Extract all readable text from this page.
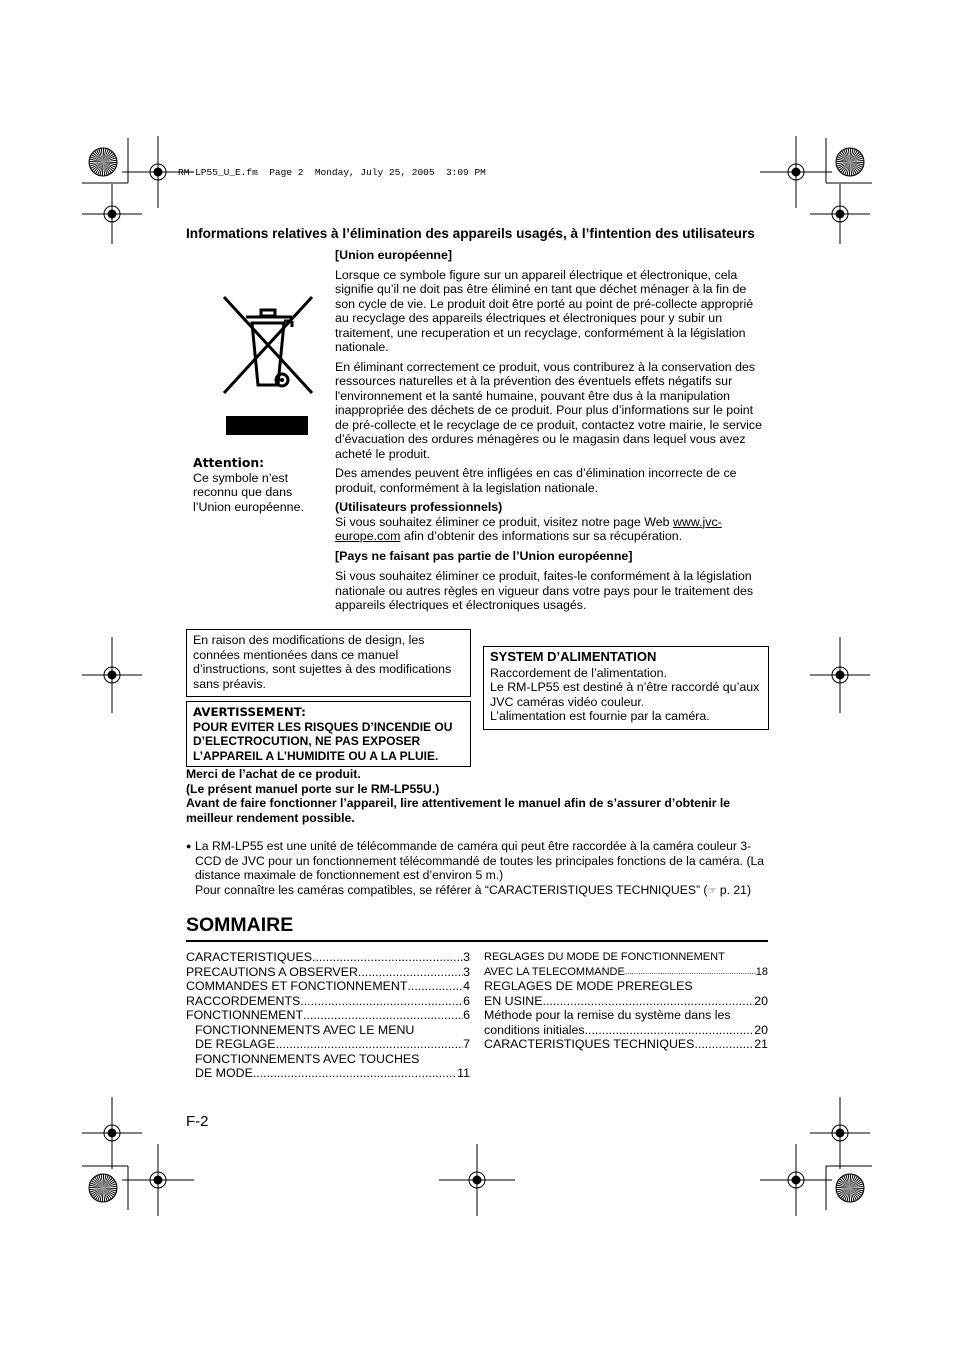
RM-LP55_U_E.fm  Page 2  Monday, July 25, 2005  3:09 PM
Informations relatives à l’élimination des appareils usagés, à l’fintention des utilisateurs
Attention:
Ce symbole n’est reconnu que dans l’Union européenne.

[Union européenne]

Lorsque ce symbole figure sur un appareil électrique et électronique, cela signifie qu’il ne doit pas être éliminé en tant que déchet ménager à la fin de son cycle de vie. Le produit doit être porté au point de pré-collecte approprié au recyclage des appareils électriques et électroniques pour y subir un traitement, une recuperation et un recyclage, conformément à la législation nationale.

En éliminant correctement ce produit, vous contriburez à la conservation des ressources naturelles et à la prévention des éventuels effets négatifs sur l'environnement et la santé humaine, pouvant être dus à la manipulation inappropriée des déchets de ce produit. Pour plus d’informations sur le point de pré-collecte et le recyclage de ce produit, contactez votre mairie, le service d’évacuation des ordures ménagères ou le magasin dans lequel vous avez acheté le produit.

Des amendes peuvent être infligées en cas d’élimination incorrecte de ce produit, conformément à la legislation nationale.

(Utilisateurs professionnels)

Si vous souhaitez éliminer ce produit, visitez notre page Web www.jvc-europe.com afin d’obtenir des informations sur sa récupération.

[Pays ne faisant pas partie de l’Union européenne]

Si vous souhaitez éliminer ce produit, faites-le conformément à la législation nationale ou autres règles en vigueur dans votre pays pour le traitement des appareils électriques et électroniques usagés.

En raison des modifications de design, les connées mentionées dans ce manuel d’instructions, sont sujettes à des modifications sans préavis.
AVERTISSEMENT:
POUR EVITER LES RISQUES D’INCENDIE OU D’ELECTROCUTION, NE PAS EXPOSER L’APPAREIL A L’HUMIDITE OU A LA PLUIE.

SYSTEM D’ALIMENTATION

Raccordement de l’alimentation.

Le RM-LP55 est destiné à n’être raccordé qu’aux JVC caméras vidéo couleur.

L’alimentation est fournie par la caméra.

Merci de l’achat de ce produit.

(Le présent manuel porte sur le RM-LP55U.)

Avant de faire fonctionner l’appareil, lire attentivement le manuel afin de s’assurer d’obtenir le meilleur rendement possible.

● La RM-LP55 est une unité de télécommande de caméra qui peut être raccordée à la caméra couleur 3-CCD de JVC pour un fonctionnement télécommandé de toutes les principales fonctions de la caméra. (La distance maximale de fonctionnement est d’environ 5 m.)
Pour connaître les caméras compatibles, se référer à “CARACTERISTIQUES TECHNIQUES” (☞ p. 21)
SOMMAIRE
CARACTERISTIQUES .....	3
PRECAUTIONS A OBSERVER .....	3
COMMANDES ET FONCTIONNEMENT .....	4
RACCORDEMENTS .....	6
FONCTIONNEMENT .....	6
FONCTIONNEMENTS AVEC LE MENU
DE REGLAGE .....	7
FONCTIONNEMENTS AVEC TOUCHES
DE MODE .....	11
REGLAGES DU MODE DE FONCTIONNEMENT
AVEC LA TELECOMMANDE .....	18
REGLAGES DE MODE PREREGLES
EN USINE .....	20
Méthode pour la remise du système dans les
conditions initiales .....	20
CARACTERISTIQUES TECHNIQUES .....	21
F-2
